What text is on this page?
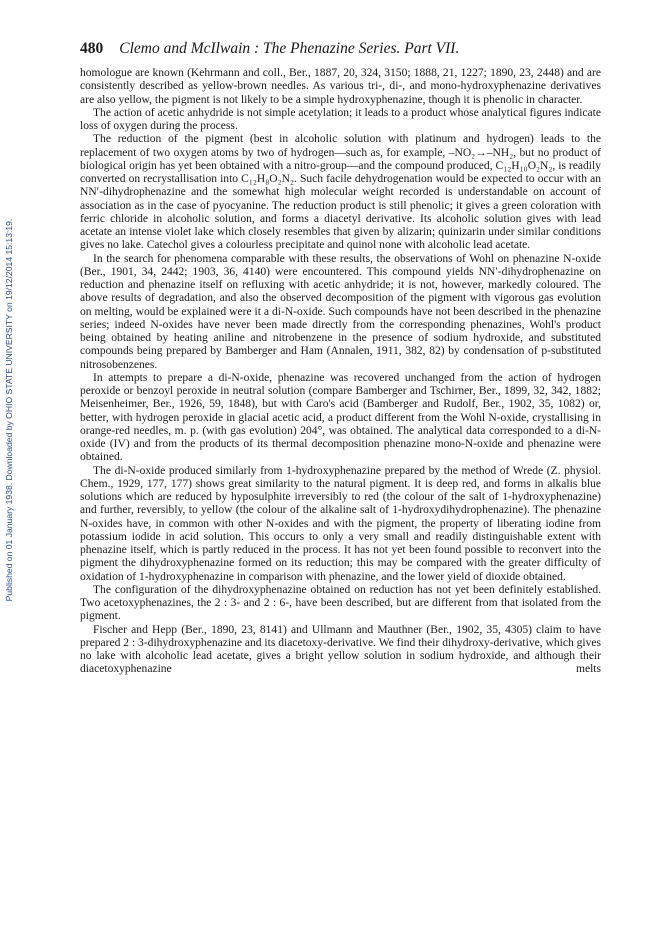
Published on 01 January 1938. Downloaded by OHIO STATE UNIVERSITY on 19/12/2014 15:13:19.
480 Clemo and McIlwain : The Phenazine Series. Part VII.

homologue are known (Kehrmann and coll., Ber., 1887, 20, 324, 3150; 1888, 21, 1227; 1890, 23, 2448) and are consistently described as yellow-brown needles. As various tri-, di-, and mono-hydroxyphenazine derivatives are also yellow, the pigment is not likely to be a simple hydroxyphenazine, though it is phenolic in character.

The action of acetic anhydride is not simple acetylation; it leads to a product whose analytical figures indicate loss of oxygen during the process.

The reduction of the pigment (best in alcoholic solution with platinum and hydrogen) leads to the replacement of two oxygen atoms by two of hydrogen—such as, for example, –NO₂→–NH₂, but no product of biological origin has yet been obtained with a nitro-group—and the compound produced, C₁₂H₁₀O₂N₂, is readily converted on recrystallisation into C₁₂H₈O₂N₂. Such facile dehydrogenation would be expected to occur with an NN′-dihydrophenazine and the somewhat high molecular weight recorded is understandable on account of association as in the case of pyocyanine. The reduction product is still phenolic; it gives a green coloration with ferric chloride in alcoholic solution, and forms a diacetyl derivative. Its alcoholic solution gives with lead acetate an intense violet lake which closely resembles that given by alizarin; quinizarin under similar conditions gives no lake. Catechol gives a colourless precipitate and quinol none with alcoholic lead acetate.

In the search for phenomena comparable with these results, the observations of Wohl on phenazine N-oxide (Ber., 1901, 34, 2442; 1903, 36, 4140) were encountered. This compound yields NN′-dihydrophenazine on reduction and phenazine itself on refluxing with acetic anhydride; it is not, however, markedly coloured. The above results of degradation, and also the observed decomposition of the pigment with vigorous gas evolution on melting, would be explained were it a di-N-oxide. Such compounds have not been described in the phenazine series; indeed N-oxides have never been made directly from the corresponding phenazines, Wohl's product being obtained by heating aniline and nitrobenzene in the presence of sodium hydroxide, and substituted compounds being prepared by Bamberger and Ham (Annalen, 1911, 382, 82) by condensation of p-substituted nitrosobenzenes.

In attempts to prepare a di-N-oxide, phenazine was recovered unchanged from the action of hydrogen peroxide or benzoyl peroxide in neutral solution (compare Bamberger and Tschirner, Ber., 1899, 32, 342, 1882; Meisenheimer, Ber., 1926, 59, 1848), but with Caro's acid (Bamberger and Rudolf, Ber., 1902, 35, 1082) or, better, with hydrogen peroxide in glacial acetic acid, a product different from the Wohl N-oxide, crystallising in orange-red needles, m. p. (with gas evolution) 204°, was obtained. The analytical data corresponded to a di-N-oxide (IV) and from the products of its thermal decomposition phenazine mono-N-oxide and phenazine were obtained.

The di-N-oxide produced similarly from 1-hydroxyphenazine prepared by the method of Wrede (Z. physiol. Chem., 1929, 177, 177) shows great similarity to the natural pigment. It is deep red, and forms in alkalis blue solutions which are reduced by hyposulphite irreversibly to red (the colour of the salt of 1-hydroxyphenazine) and further, reversibly, to yellow (the colour of the alkaline salt of 1-hydroxydihydrophenazine). The phenazine N-oxides have, in common with other N-oxides and with the pigment, the property of liberating iodine from potassium iodide in acid solution. This occurs to only a very small and readily distinguishable extent with phenazine itself, which is partly reduced in the process. It has not yet been found possible to reconvert into the pigment the dihydroxyphenazine formed on its reduction; this may be compared with the greater difficulty of oxidation of 1-hydroxyphenazine in comparison with phenazine, and the lower yield of dioxide obtained.

The configuration of the dihydroxyphenazine obtained on reduction has not yet been definitely established. Two acetoxyphenazines, the 2 : 3- and 2 : 6-, have been described, but are different from that isolated from the pigment.

Fischer and Hepp (Ber., 1890, 23, 8141) and Ullmann and Mauthner (Ber., 1902, 35, 4305) claim to have prepared 2 : 3-dihydroxyphenazine and its diacetoxy-derivative. We find their dihydroxy-derivative, which gives no lake with alcoholic lead acetate, gives a bright yellow solution in sodium hydroxide, and although their diacetoxyphenazine melts
